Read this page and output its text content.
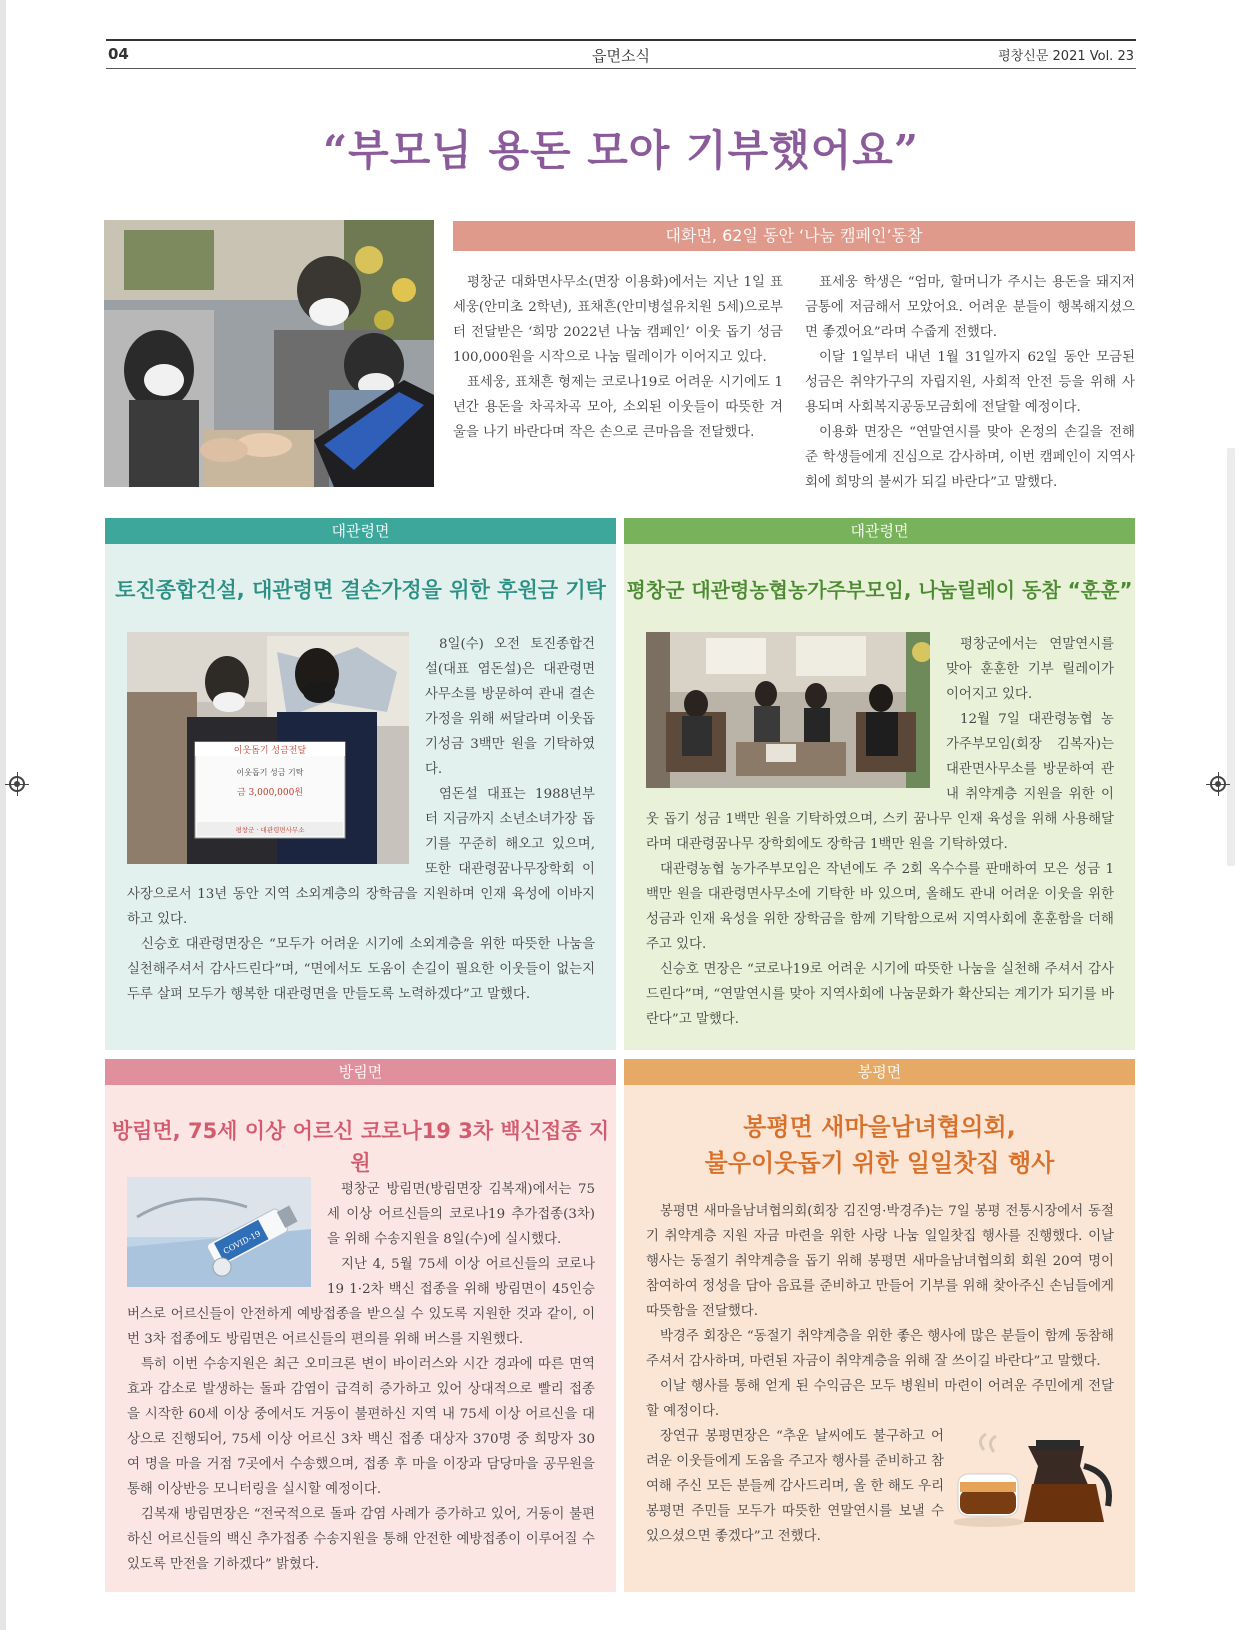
04	읍면소식	평창신문 2021 Vol. 23
“부모님 용돈 모아 기부했어요”
대화면, 62일 동안 ‘나눔 캠페인’동참

평창군 대화면사무소(면장 이용화)에서는 지난 1일 표세웅(안미초 2학년), 표채흔(안미병설유치원 5세)으로부터 전달받은 ‘희망 2022년 나눔 캠페인’ 이웃 돕기 성금 100,000원을 시작으로 나눔 릴레이가 이어지고 있다.

표세웅, 표채흔 형제는 코로나19로 어려운 시기에도 1년간 용돈을 차곡차곡 모아, 소외된 이웃들이 따뜻한 겨울을 나기 바란다며 작은 손으로 큰마음을 전달했다.

표세웅 학생은 “엄마, 할머니가 주시는 용돈을 돼지저금통에 저금해서 모았어요. 어려운 분들이 행복해지셨으면 좋겠어요”라며 수줍게 전했다.

이달 1일부터 내년 1월 31일까지 62일 동안 모금된 성금은 취약가구의 자립지원, 사회적 안전 등을 위해 사용되며 사회복지공동모금회에 전달할 예정이다.

이용화 면장은 “연말연시를 맞아 온정의 손길을 전해준 학생들에게 진심으로 감사하며, 이번 캠페인이 지역사회에 희망의 불씨가 되길 바란다”고 말했다.

대관령면
토진종합건설, 대관령면 결손가정을 위한 후원금 기탁
이웃돕기 성금전달
이웃돕기 성금 기탁
금 3,000,000원
평창군 · 대관령면사무소

8일(수) 오전 토진종합건설(대표 염돈설)은 대관령면사무소를 방문하여 관내 결손가정을 위해 써달라며 이웃돕기성금 3백만 원을 기탁하였다.

염돈설 대표는 1988년부터 지금까지 소년소녀가장 돕기를 꾸준히 해오고 있으며, 또한 대관령꿈나무장학회 이사장으로서 13년 동안 지역 소외계층의 장학금을 지원하며 인재 육성에 이바지하고 있다.

신승호 대관령면장은 “모두가 어려운 시기에 소외계층을 위한 따뜻한 나눔을 실천해주셔서 감사드린다”며, “면에서도 도움이 손길이 필요한 이웃들이 없는지 두루 살펴 모두가 행복한 대관령면을 만들도록 노력하겠다”고 말했다.

대관령면
평창군 대관령농협농가주부모임, 나눔릴레이 동참 “훈훈”

평창군에서는 연말연시를 맞아 훈훈한 기부 릴레이가 이어지고 있다.

12월 7일 대관령농협 농가주부모임(회장 김복자)는 대관면사무소를 방문하여 관내 취약계층 지원을 위한 이웃 돕기 성금 1백만 원을 기탁하였으며, 스키 꿈나무 인재 육성을 위해 사용해달라며 대관령꿈나무 장학회에도 장학금 1백만 원을 기탁하였다.

대관령농협 농가주부모임은 작년에도 주 2회 옥수수를 판매하여 모은 성금 1백만 원을 대관령면사무소에 기탁한 바 있으며, 올해도 관내 어려운 이웃을 위한 성금과 인재 육성을 위한 장학금을 함께 기탁함으로써 지역사회에 훈훈함을 더해주고 있다.

신승호 면장은 “코로나19로 어려운 시기에 따뜻한 나눔을 실천해 주셔서 감사드린다”며, “연말연시를 맞아 지역사회에 나눔문화가 확산되는 계기가 되기를 바란다”고 말했다.

방림면
방림면, 75세 이상 어르신 코로나19 3차 백신접종 지원
COVID-19

평창군 방림면(방림면장 김복재)에서는 75세 이상 어르신들의 코로나19 추가접종(3차)을 위해 수송지원을 8일(수)에 실시했다.

지난 4, 5월 75세 이상 어르신들의 코로나19 1·2차 백신 접종을 위해 방림면이 45인승 버스로 어르신들이 안전하게 예방접종을 받으실 수 있도록 지원한 것과 같이, 이번 3차 접종에도 방림면은 어르신들의 편의를 위해 버스를 지원했다.

특히 이번 수송지원은 최근 오미크론 변이 바이러스와 시간 경과에 따른 면역 효과 감소로 발생하는 돌파 감염이 급격히 증가하고 있어 상대적으로 빨리 접종을 시작한 60세 이상 중에서도 거동이 불편하신 지역 내 75세 이상 어르신을 대상으로 진행되어, 75세 이상 어르신 3차 백신 접종 대상자 370명 중 희망자 30여 명을 마을 거점 7곳에서 수송했으며, 접종 후 마을 이장과 담당마을 공무원을 통해 이상반응 모니터링을 실시할 예정이다.

김복재 방림면장은 “전국적으로 돌파 감염 사례가 증가하고 있어, 거동이 불편하신 어르신들의 백신 추가접종 수송지원을 통해 안전한 예방접종이 이루어질 수 있도록 만전을 기하겠다” 밝혔다.

봉평면
봉평면 새마을남녀협의회,
불우이웃돕기 위한 일일찻집 행사

봉평면 새마을남녀협의회(회장 김진영·박경주)는 7일 봉평 전통시장에서 동절기 취약계층 지원 자금 마련을 위한 사랑 나눔 일일찻집 행사를 진행했다. 이날 행사는 동절기 취약계층을 돕기 위해 봉평면 새마을남녀협의회 회원 20여 명이 참여하여 정성을 담아 음료를 준비하고 만들어 기부를 위해 찾아주신 손님들에게 따뜻함을 전달했다.

박경주 회장은 “동절기 취약계층을 위한 좋은 행사에 많은 분들이 함께 동참해 주셔서 감사하며, 마련된 자금이 취약계층을 위해 잘 쓰이길 바란다”고 말했다.

이날 행사를 통해 얻게 된 수익금은 모두 병원비 마련이 어려운 주민에게 전달할 예정이다.

장연규 봉평면장은 “추운 날씨에도 불구하고 어려운 이웃들에게 도움을 주고자 행사를 준비하고 참여해 주신 모든 분들께 감사드리며, 올 한 해도 우리 봉평면 주민들 모두가 따뜻한 연말연시를 보낼 수 있으셨으면 좋겠다”고 전했다.
